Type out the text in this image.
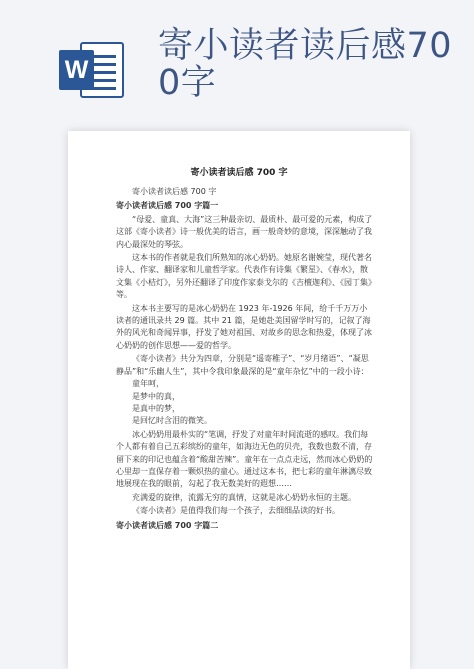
W
寄小读者读后感700字
寄小读者读后感 700 字

寄小读者读后感 700 字

寄小读者读后感 700 字篇一

“母爱、童真、大海”这三种最亲切、最质朴、最可爱的元素，构成了这部《寄小读者》诗一般优美的语言，画一般奇妙的意境，深深触动了我内心最深处的琴弦。

这本书的作者就是我们所熟知的冰心奶奶。她原名谢婉莹，现代著名诗人、作家、翻译家和儿童哲学家。代表作有诗集《繁星》、《春水》，散文集《小桔灯》，另外还翻译了印度作家泰戈尔的《吉檀迦利》、《园丁集》等。

这本书主要写的是冰心奶奶在 1923 年-1926 年间，给千千万万小读者的通讯录共 29 篇。其中 21 篇，是她赴美国留学时写的，记叙了海外的风光和奇闻异事，抒发了她对祖国、对故乡的思念和热爱，体现了冰心奶奶的创作思想——爱的哲学。

《寄小读者》共分为四章，分别是“遥寄稚子”、“岁月绪语”、“凝思静品”和“乐幽人生”，其中令我印象最深的是“童年杂忆”中的一段小诗：

童年呵，

是梦中的真，

是真中的梦，

是回忆时含泪的微笑。

冰心奶奶用最朴实的“笔调，抒发了对童年时间流逝的感叹。我们每个人都有着自己五彩缤纷的童年，如海边无色的贝壳，我数也数不清，存留下来的印记也蕴含着“酸甜苦辣”。童年在一点点走远，然而冰心奶奶的心里却一直保存着一颗炽热的童心。通过这本书，把七彩的童年淋漓尽致地展现在我的眼前，勾起了我无数美好的遐想……

充满爱的旋律，流露无穷的真情，这就是冰心奶奶永恒的主题。

《寄小读者》是值得我们每一个孩子，去细细品读的好书。

寄小读者读后感 700 字篇二
